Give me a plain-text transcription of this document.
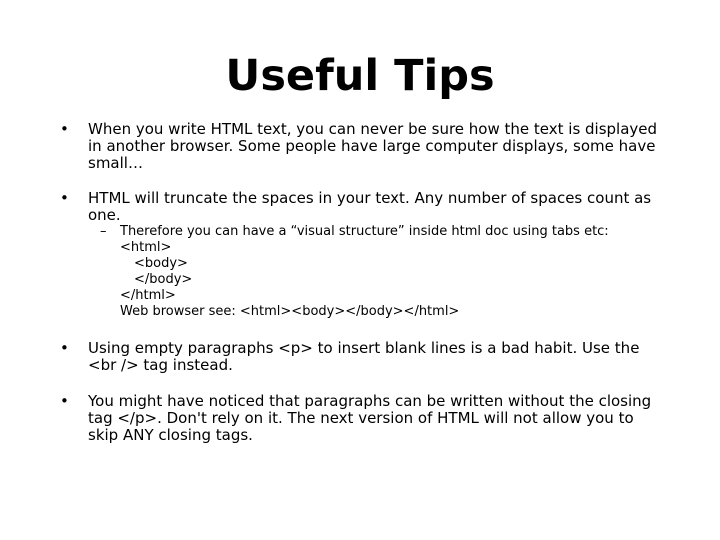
Useful Tips
• When you write HTML text, you can never be sure how the text is displayed in another browser. Some people have large computer displays, some have small…

• HTML will truncate the spaces in your text. Any number of spaces count as one.

– Therefore you can have a “visual structure” inside html doc using tabs etc:
<html>
<body>
</body>
</html>
Web browser see: <html><body></body></html>
• Using empty paragraphs <p> to insert blank lines is a bad habit. Use the <br /> tag instead.

• You might have noticed that paragraphs can be written without the closing tag </p>. Don't rely on it. The next version of HTML will not allow you to skip ANY closing tags.
